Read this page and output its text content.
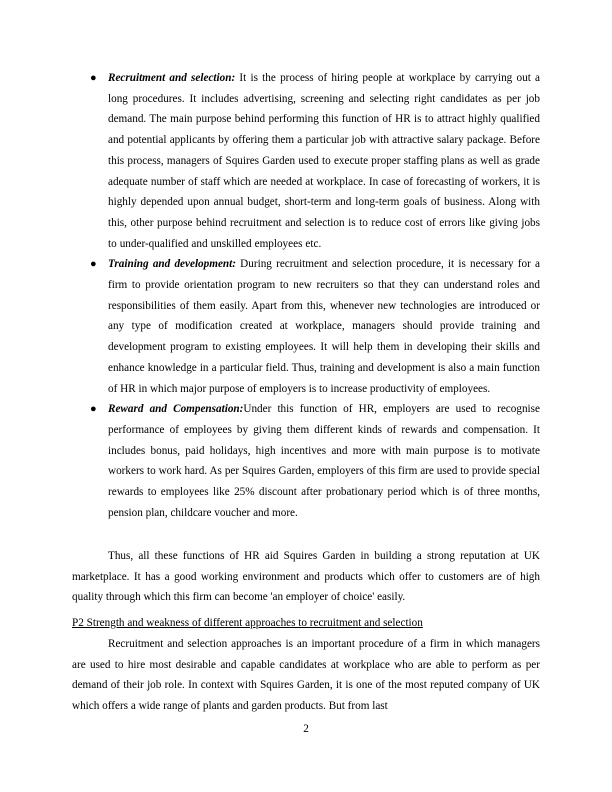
● Recruitment and selection: It is the process of hiring people at workplace by carrying out a long procedures. It includes advertising, screening and selecting right candidates as per job demand. The main purpose behind performing this function of HR is to attract highly qualified and potential applicants by offering them a particular job with attractive salary package. Before this process, managers of Squires Garden used to execute proper staffing plans as well as grade adequate number of staff which are needed at workplace. In case of forecasting of workers, it is highly depended upon annual budget, short-term and long-term goals of business. Along with this, other purpose behind recruitment and selection is to reduce cost of errors like giving jobs to under-qualified and unskilled employees etc.
● Training and development: During recruitment and selection procedure, it is necessary for a firm to provide orientation program to new recruiters so that they can understand roles and responsibilities of them easily. Apart from this, whenever new technologies are introduced or any type of modification created at workplace, managers should provide training and development program to existing employees. It will help them in developing their skills and enhance knowledge in a particular field. Thus, training and development is also a main function of HR in which major purpose of employers is to increase productivity of employees.
● Reward and Compensation:Under this function of HR, employers are used to recognise performance of employees by giving them different kinds of rewards and compensation. It includes bonus, paid holidays, high incentives and more with main purpose is to motivate workers to work hard. As per Squires Garden, employers of this firm are used to provide special rewards to employees like 25% discount after probationary period which is of three months, pension plan, childcare voucher and more.

Thus, all these functions of HR aid Squires Garden in building a strong reputation at UK marketplace. It has a good working environment and products which offer to customers are of high quality through which this firm can become 'an employer of choice' easily.

P2 Strength and weakness of different approaches to recruitment and selection

Recruitment and selection approaches is an important procedure of a firm in which managers are used to hire most desirable and capable candidates at workplace who are able to perform as per demand of their job role. In context with Squires Garden, it is one of the most reputed company of UK which offers a wide range of plants and garden products. But from last

2
